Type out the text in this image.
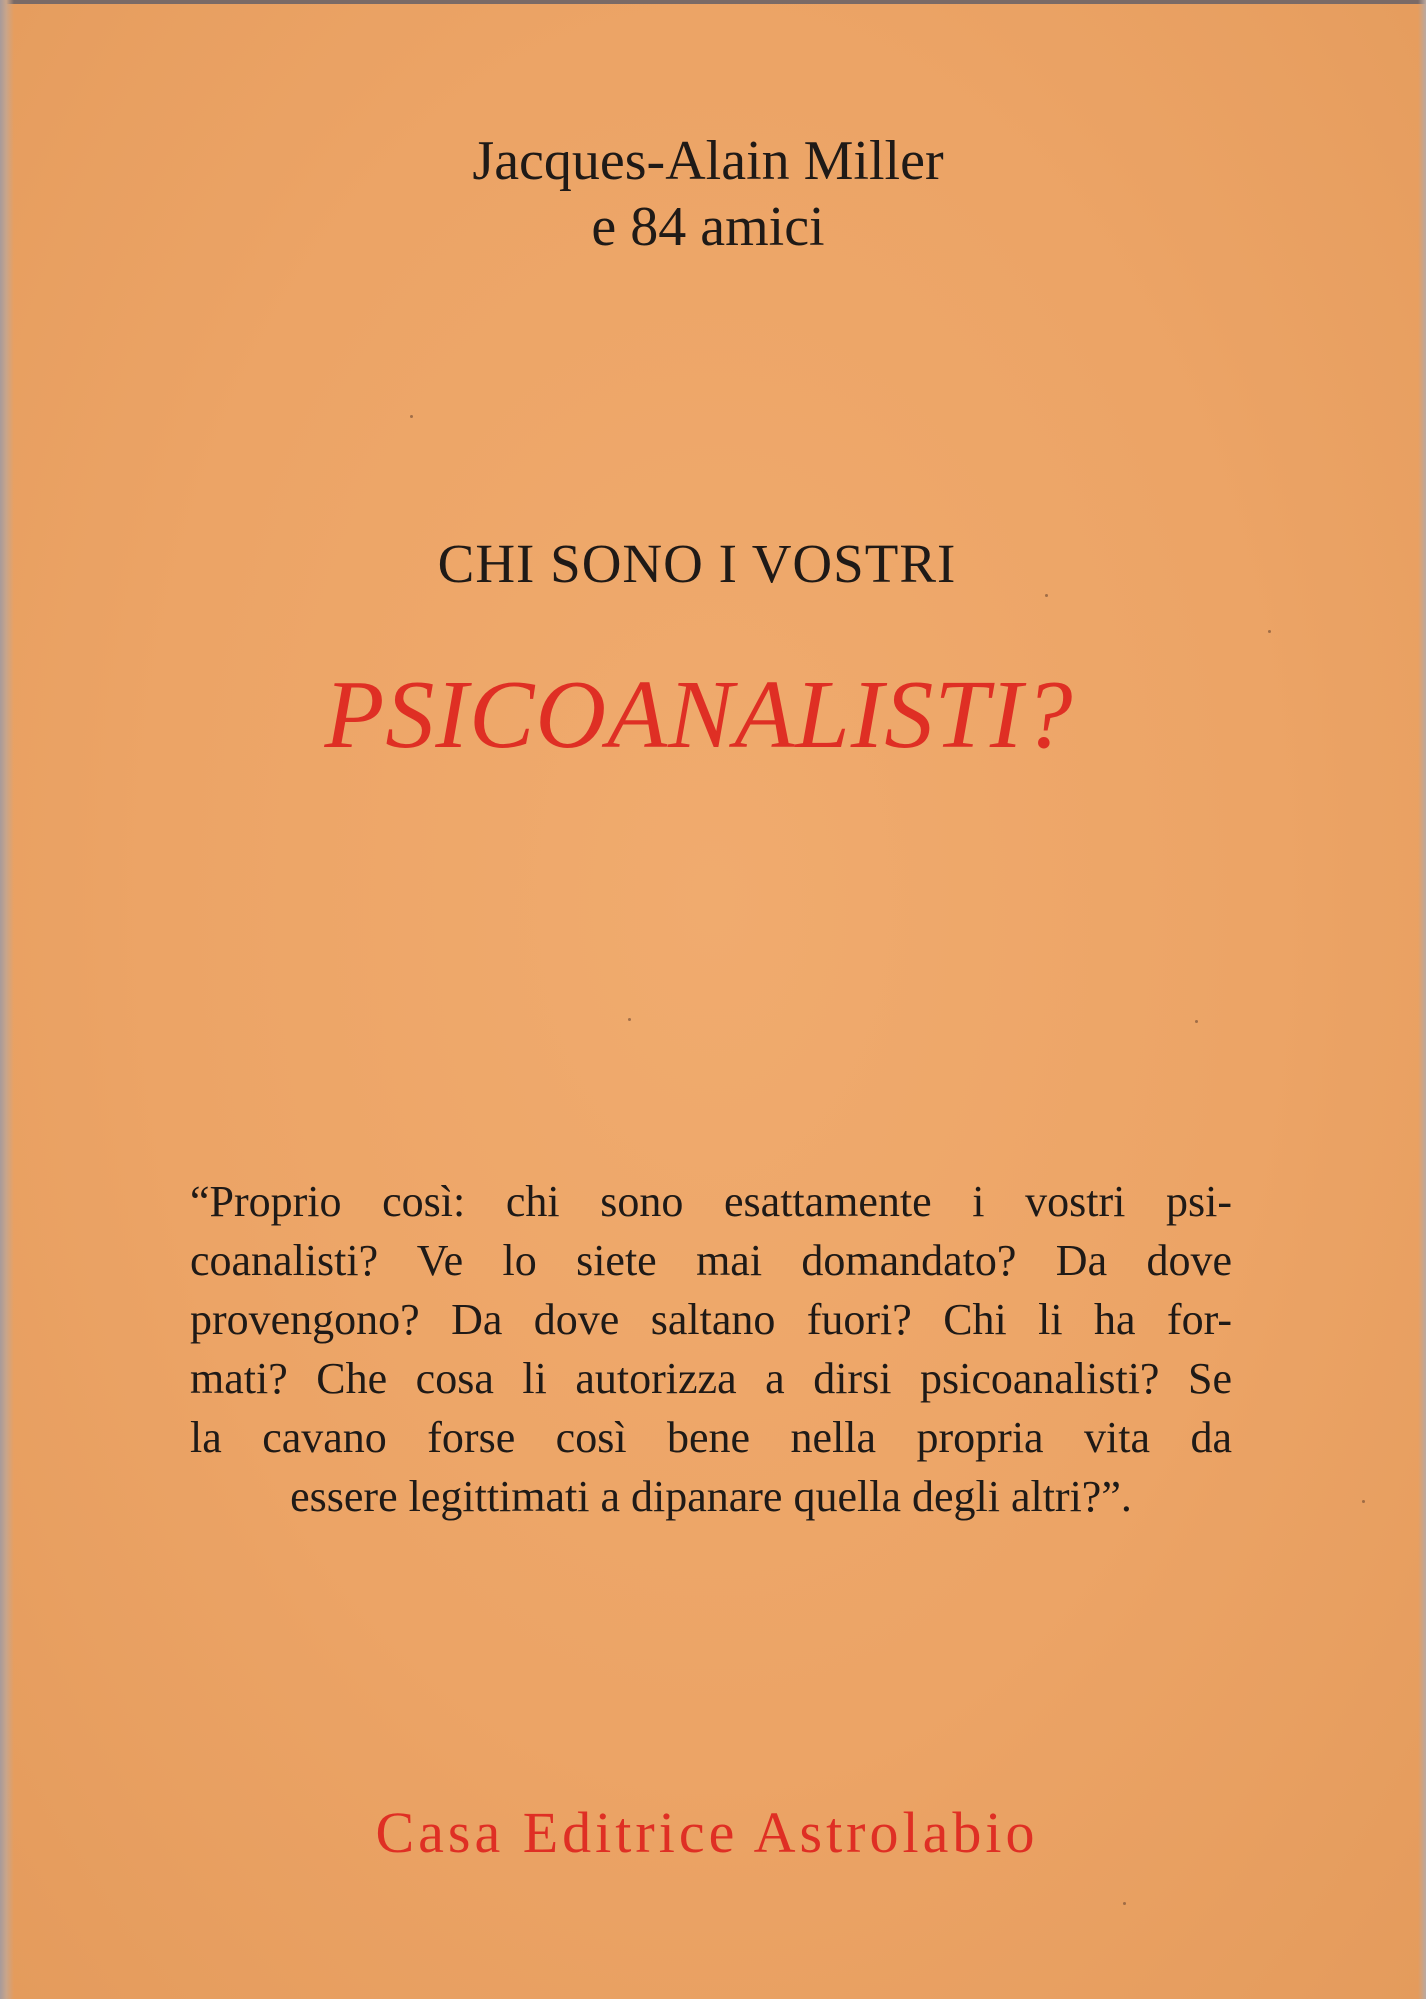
Jacques-Alain Miller
e 84 amici
CHI SONO I VOSTRI
PSICOANALISTI?
“Proprio così: chi sono esattamente i vostri psi-
coanalisti? Ve lo siete mai domandato? Da dove
provengono? Da dove saltano fuori? Chi li ha for-
mati? Che cosa li autorizza a dirsi psicoanalisti? Se
la cavano forse così bene nella propria vita da
essere legittimati a dipanare quella degli altri?”.
Casa Editrice Astrolabio
